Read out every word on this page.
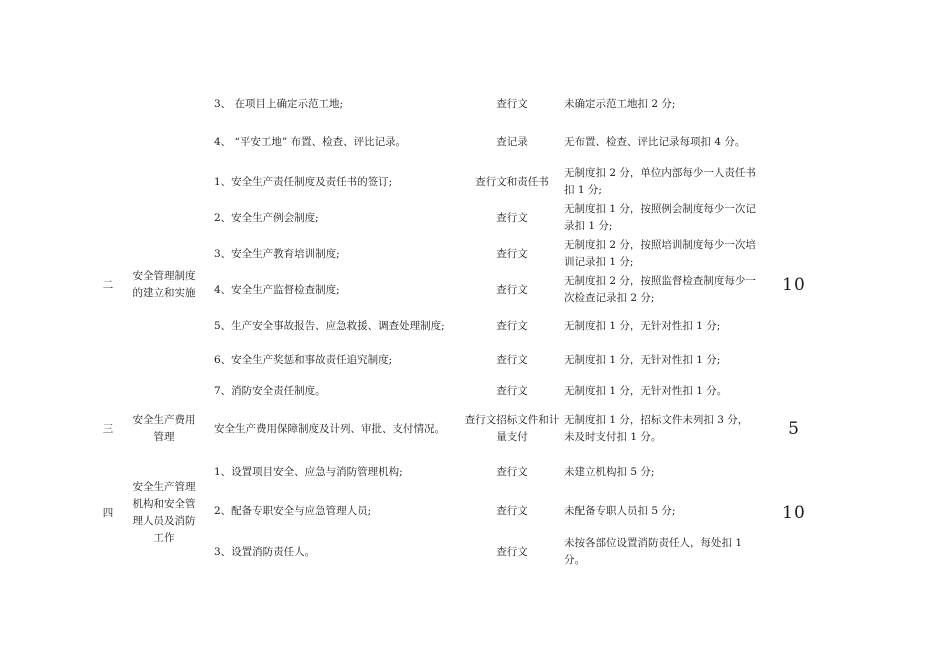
		3、 在项目上确定示范工地;	查行文	未确定示范工地扣 2 分;	
		4、 “平安工地” 布置、检查、评比记录。	查记录	无布置、检查、评比记录每项扣 4 分。	
二	安全管理制度的建立和实施	1、安全生产责任制度及责任书的签订;	查行文和责任书	无制度扣 2 分，单位内部每少一人责任书扣 1 分;	10
		2、安全生产例会制度;	查行文	无制度扣 1 分，按照例会制度每少一次记录扣 1 分;	
		3、安全生产教育培训制度;	查行文	无制度扣 2 分，按照培训制度每少一次培训记录扣 1 分;	
		4、安全生产监督检查制度;	查行文	无制度扣 2 分，按照监督检查制度每少一次检查记录扣 2 分;	
		5、生产安全事故报告、应急救援、调查处理制度;	查行文	无制度扣 1 分，无针对性扣 1 分;	
		6、安全生产奖惩和事故责任追究制度;	查行文	无制度扣 1 分，无针对性扣 1 分;	
		7、消防安全责任制度。	查行文	无制度扣 1 分，无针对性扣 1 分。	
三	安全生产费用管理	安全生产费用保障制度及计列、审批、支付情况。	查行文招标文件和计量支付	无制度扣 1 分，招标文件未列扣 3 分，未及时支付扣 1 分。	5
四	安全生产管理机构和安全管理人员及消防工作	1、设置项目安全、应急与消防管理机构;	查行文	未建立机构扣 5 分;	10
		2、配备专职安全与应急管理人员;	查行文	未配备专职人员扣 5 分;	
		3、设置消防责任人。	查行文	未按各部位设置消防责任人，每处扣 1 分。	
